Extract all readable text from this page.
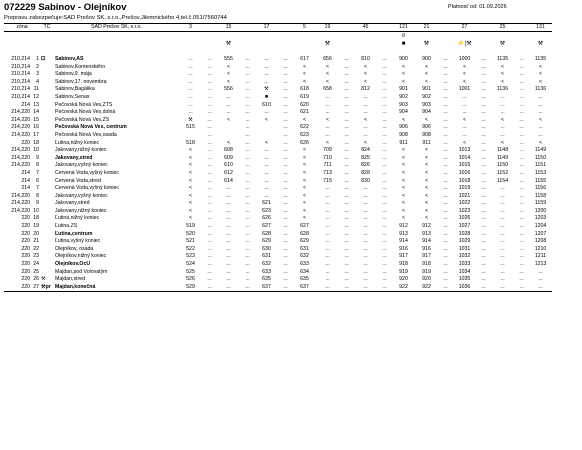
072229 Sabinov - Olejníkov	Platnosť od: 01.09.2026
Prepravu zabezpečuje:SAD Prešov SK, s.r.o.,Prešov,Jilemnického 4,tel.č.051/7560744
zóna		TČ	SAD Prešov SK, s.r.o.	3		15		17		5	19		45		121	21		27		25		131
															¤							
						⚒					⚒				■	⚒		⚡|⚒		⚒		⚒

210,214	1	⚀	Sabinov,AS	...	...	555	...	...	...	617	656	...	810	...	900	900	...	1000	...	1135	...	1135
210,214	2		Sabinov,Komenského	...	...	<	...	...	...	<	<	...	<	...	<	<	...	<	...	<	...	<
210,214	3		Sabinov,9. mája	...	...	<	...	...	...	<	<	...	<	...	<	<	...	<	...	<	...	<
210,214	4		Sabinov,17. novembra	...	...	<	...	...	...	<	<	...	<	...	<	<	...	<	...	<	...	<
210,214	11		Sabinov,Bagálika	...	...	556	...	⚒	...	618	658	...	812	...	901	901	...	1001	...	1136	...	1136
210,214	12		Sabinov,Senas	...	...	...	...	■	...	619	...	...	...	...	902	902	...	...	...	...	...	...
214	13		Pečovská Nová Ves,ZTS	...	...	...	...	610	...	620	...	...	...	...	903	903	...	...	...	...	...	...
214,220	14		Pečovská Nová Ves,dolná	...	...	...	...	...	...	621	...	...	...	...	904	904	...	...	...	...	...	...
214,220	15		Pečovská Nová Ves,ZŠ	⚒	...	<	...	<	...	<	<	...	<	...	<	<	...	<	...	<	...	<
214,220	16		Pečovská Nová Ves, centrum	515	...		...		...	622	...	...	...	...	906	906	...	...	...	...	...	...
214,220	17		Pečovská Nová Ves,osada		...		...		...	623	...	...	...	...	908	908	...	...	...	...	...	...
220	18		Ľutina,nižný koniec	518	...	<	...	<	...	626	<	...	<	...	911	911	...	<	...	<	...	<
214,220	10		Jakovany,nižný koniec	<	...	608	...	...	...	<	709	...	824	...	<	<	...	1013	...	1148	...	1149
214,220	9		Jakovany,stred	<	...	609	...	...	...	<	710	...	825	...	<	<	...	1014	...	1149	...	1150
214,220	8		Jakovany,vyšný koniec	<	...	610	...	...	...	<	711	...	826	...	<	<	...	1015	...	1150	...	1151
214	7		Červená Voda,vyšný koniec	<	...	612	...	...	...	<	713	...	828	...	<	<	...	1016	...	1152	...	1153
214	6		Červená Voda,stred	<	...	614	...	...	...	<	715	...	830	...	<	<	...	1018	...	1154	...	1155
214	7		Červená Voda,vyšný koniec	<	...	...	...	...	...	<	...	...	...	...	<	<	...	1019	...	...	...	1156
214,220	8		Jakovany,vyšný koniec	<	...	...	...	...	...	<	...	...	...	...	<	<	...	1021	...	...	...	1158
214,220	9		Jakovany,stred	<	...	...	...	621	...	<	...	...	...	...	<	<	...	1022	...	...	...	1159
214,220	10		Jakovany,nižný koniec	<	...	...	...	623	...	<	...	...	...	...	<	<	...	1023	...	...	...	1200
220	18		Ľutina,nižný koniec	<	...	...	...	626	...	<	...	...	...	...	<	<	...	1026	...	...	...	1203
220	19		Ľutina,ZŠ	519	...	...	...	627	...	627	...	...	...	...	912	912	...	1027	...	...	...	1204
220	20		Ľutina,centrum	520	...	...	...	628	...	628	...	...	...	...	913	913	...	1028	...	...	...	1207
220	21		Ľutina,vyšný koniec	521	...	...	...	629	...	629	...	...	...	...	914	914	...	1029	...	...	...	1208
220	22		Olejníkov, osada	522	...	...	...	630	...	631	...	...	...	...	916	916	...	1031	...	...	...	1210
220	23		Olejníkov,nižný koniec	523	...	...	...	631	...	632	...	...	...	...	917	917	...	1032	...	...	...	1211
220	24		Olejníkov,OcÚ	524	...	...	...	632	...	633	...	...	...	...	918	918	...	1033	...	...	...	1213
220	25		Majdan,pod Volovatým	525	...	...	...	633	...	634	...	...	...	...	919	919	...	1034	...	...	...	...
220	26	⚒	Majdan,stred	526	...	...	...	635	...	635	...	...	...	...	920	920	...	1035	...	...	...	...
220	27	⚒pr	Majdan,konečná	529	...	...	...	637	...	637	...	...	...	...	922	922	...	1036	...	...	...	...
